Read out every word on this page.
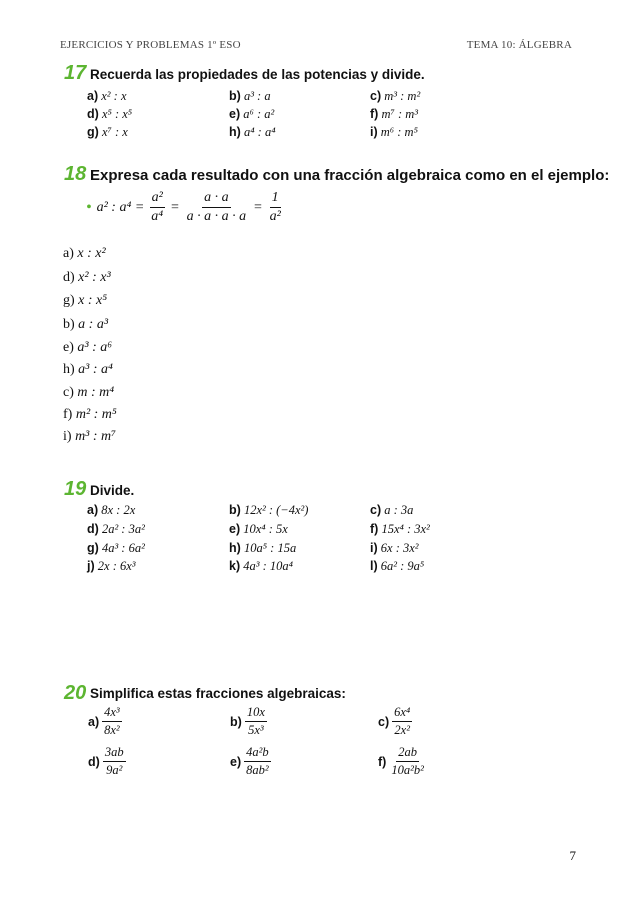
EJERCICIOS Y PROBLEMAS 1º ESO	TEMA 10: ÁLGEBRA
17 Recuerda las propiedades de las potencias y divide.
a) x² : x	b) a³ : a	c) m³ : m²
d) x⁵ : x⁵	e) a⁶ : a²	f) m⁷ : m³
g) x⁷ : x	h) a⁴ : a⁴	i) m⁶ : m⁵
18 Expresa cada resultado con una fracción algebraica como en el ejemplo:
• a² : $a^4 = \frac{\text{a²}}{\text{a⁴}} = \frac{a \cdot a}{a \cdot a \cdot a \cdot a} = \frac{1}{\text{a²}}$
a) x : x²
d) x² : x³
g) x : x⁵
b) a : a³
e) a³ : a⁶
h) a³ : a⁴
c) m : m⁴
f) m² : m⁵
i) m³ : m⁷
19 Divide.
a) 8x : 2x	b) 12x² : (−4x²)	c) a : 3a
d) 2a² : 3a²	e) 10x⁴ : 5x	f) 15x⁴ : 3x²
g) 4a³ : 6a²	h) 10a⁵ : 15a	i) 6x : 3x²
j) 2x : 6x³	k) 4a³ : 10a⁴	l) 6a² : 9a⁵
20 Simplifica estas fracciones algebraicas:
$a) \frac{\text{4x³}}{\text{8x²}}$	$b) \frac{10x}{\text{5x³}}$	$c) \frac{\text{6x⁴}}{\text{2x²}}$
$d) \frac{3ab}{\text{9a²}}$	$e) \frac{\text{4a²b}}{\text{8ab²}}$	$f) \frac{2ab}{\text{10a²b²}}$
7
